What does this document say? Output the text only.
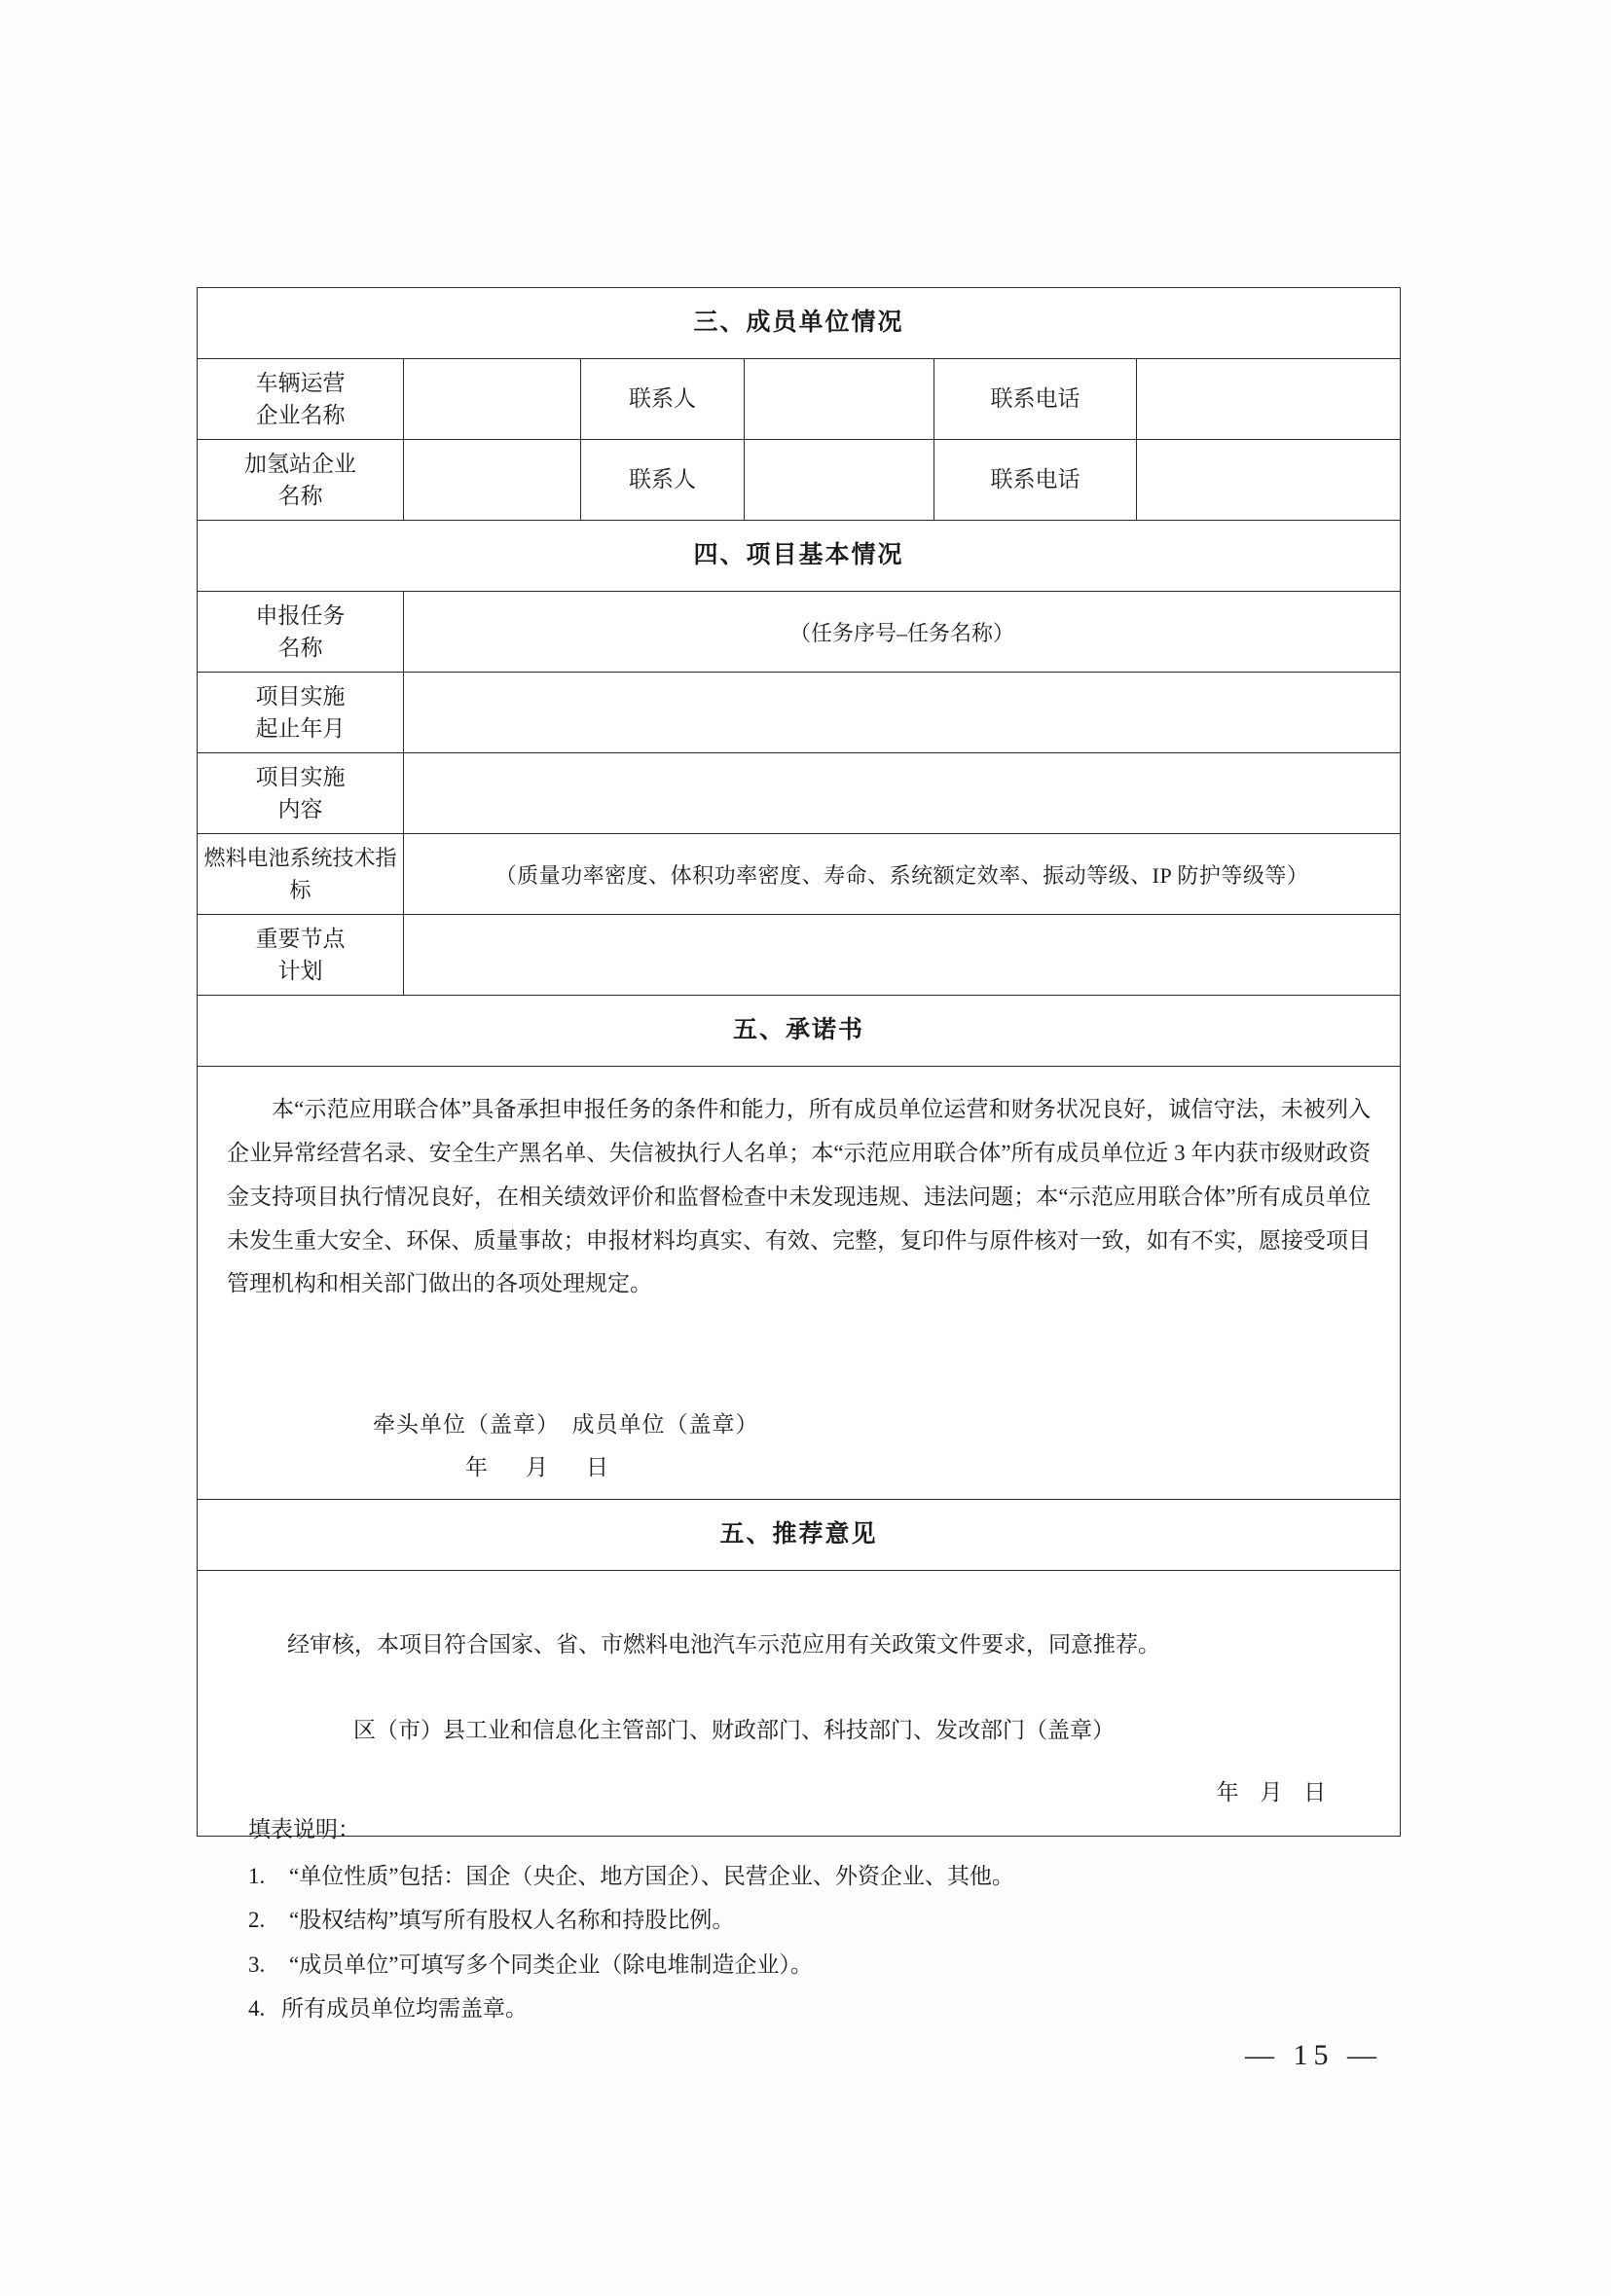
三、成员单位情况					
车辆运营
企业名称		联系人		联系电话	
加氢站企业
名称		联系人		联系电话	
四、项目基本情况					
申报任务
名称	（任务序号–任务名称）				
项目实施
起止年月					

项目实施
内容					

燃料电池系统技术指 标	（质量功率密度、体积功率密度、寿命、系统额定效率、振动等级、IP 防护等级等）				
重要节点
计划					

五、承诺书					

本“示范应用联合体”具备承担申报任务的条件和能力，所有成员单位运营和财务状况良好，诚信守法，未被列入企业异常经营名录、安全生产黑名单、失信被执行人名单；本“示范应用联合体”所有成员单位近 3 年内获市级财政资金支持项目执行情况良好，在相关绩效评价和监督检查中未发现违规、违法问题；本“示范应用联合体”所有成员单位未发生重大安全、环保、质量事故；申报材料均真实、有效、完整，复印件与原件核对一致，如有不实，愿接受项目管理机构和相关部门做出的各项处理规定。

牵头单位（盖章）　成员单位（盖章）
年　月　日					

五、推荐意见					

经审核，本项目符合国家、省、市燃料电池汽车示范应用有关政策文件要求，同意推荐。
区（市）县工业和信息化主管部门、财政部门、科技部门、发改部门（盖章）
年 月 日					
填表说明：
1. “单位性质”包括：国企（央企、地方国企）、民营企业、外资企业、其他。
2. “股权结构”填写所有股权人名称和持股比例。
3. “成员单位”可填写多个同类企业（除电堆制造企业）。
4. 所有成员单位均需盖章。
— 15 —
